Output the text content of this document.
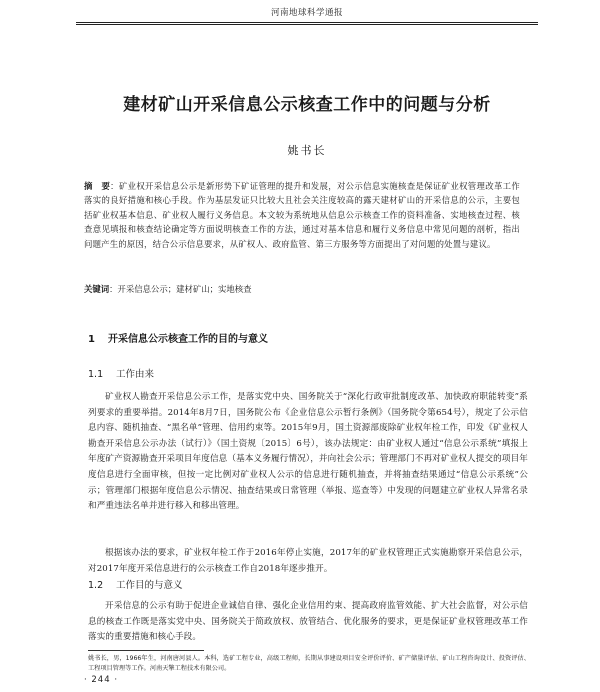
河南地球科学通报
建材矿山开采信息公示核查工作中的问题与分析
姚书长
摘　要：矿业权开采信息公示是新形势下矿证管理的提升和发展，对公示信息实施核查是保证矿业权管理改革工作落实的良好措施和核心手段。作为基层发证只比较大且社会关注度较高的露天建材矿山的开采信息的公示，主要包括矿业权基本信息、矿业权人履行义务信息。本文较为系统地从信息公示核查工作的资料准备、实地核查过程、核查意见填报和核查结论确定等方面说明核查工作的方法，通过对基本信息和履行义务信息中常见问题的剖析，指出问题产生的原因，结合公示信息要求，从矿权人、政府监管、第三方服务等方面提出了对问题的处置与建议。
关键词：开采信息公示；建材矿山；实地核查
1 开采信息公示核查工作的目的与意义
1.1 工作由来
矿业权人勘查开采信息公示工作，是落实党中央、国务院关于“深化行政审批制度改革、加快政府职能转变”系列要求的重要举措。2014年8月7日，国务院公布《企业信息公示暂行条例》（国务院令第654号），规定了公示信息内容、随机抽查、“黑名单”管理、信用约束等。2015年9月，国土资源部废除矿业权年检工作，印发《矿业权人勘查开采信息公示办法（试行）》（国土资规〔2015〕6号），该办法规定：由矿业权人通过“信息公示系统”填报上年度矿产资源勘查开采项目年度信息（基本义务履行情况），并向社会公示；管理部门不再对矿业权人提交的项目年度信息进行全面审核，但按一定比例对矿业权人公示的信息进行随机抽查，并将抽查结果通过“信息公示系统”公示；管理部门根据年度信息公示情况、抽查结果或日常管理（举报、巡查等）中发现的问题建立矿业权人异常名录和严重违法名单并进行移入和移出管理。
根据该办法的要求，矿业权年检工作于2016年停止实施，2017年的矿业权管理正式实施勘察开采信息公示，对2017年度开采信息进行的公示核查工作自2018年逐步推开。
1.2 工作目的与意义
开采信息的公示有助于促进企业诚信自律、强化企业信用约束、提高政府监管效能、扩大社会监督，对公示信息的核查工作既是落实党中央、国务院关于简政放权、放管结合、优化服务的要求，更是保证矿业权管理改革工作落实的重要措施和核心手段。
姚书长，男，1966年生，河南唐河县人。本科，选矿工程专业，高级工程师，长期从事建设项目安全评价评价、矿产储量评估、矿山工程咨询设计、投资评估、工程项目管理等工作。河南天擎工程技术有限公司。
· 244 ·
